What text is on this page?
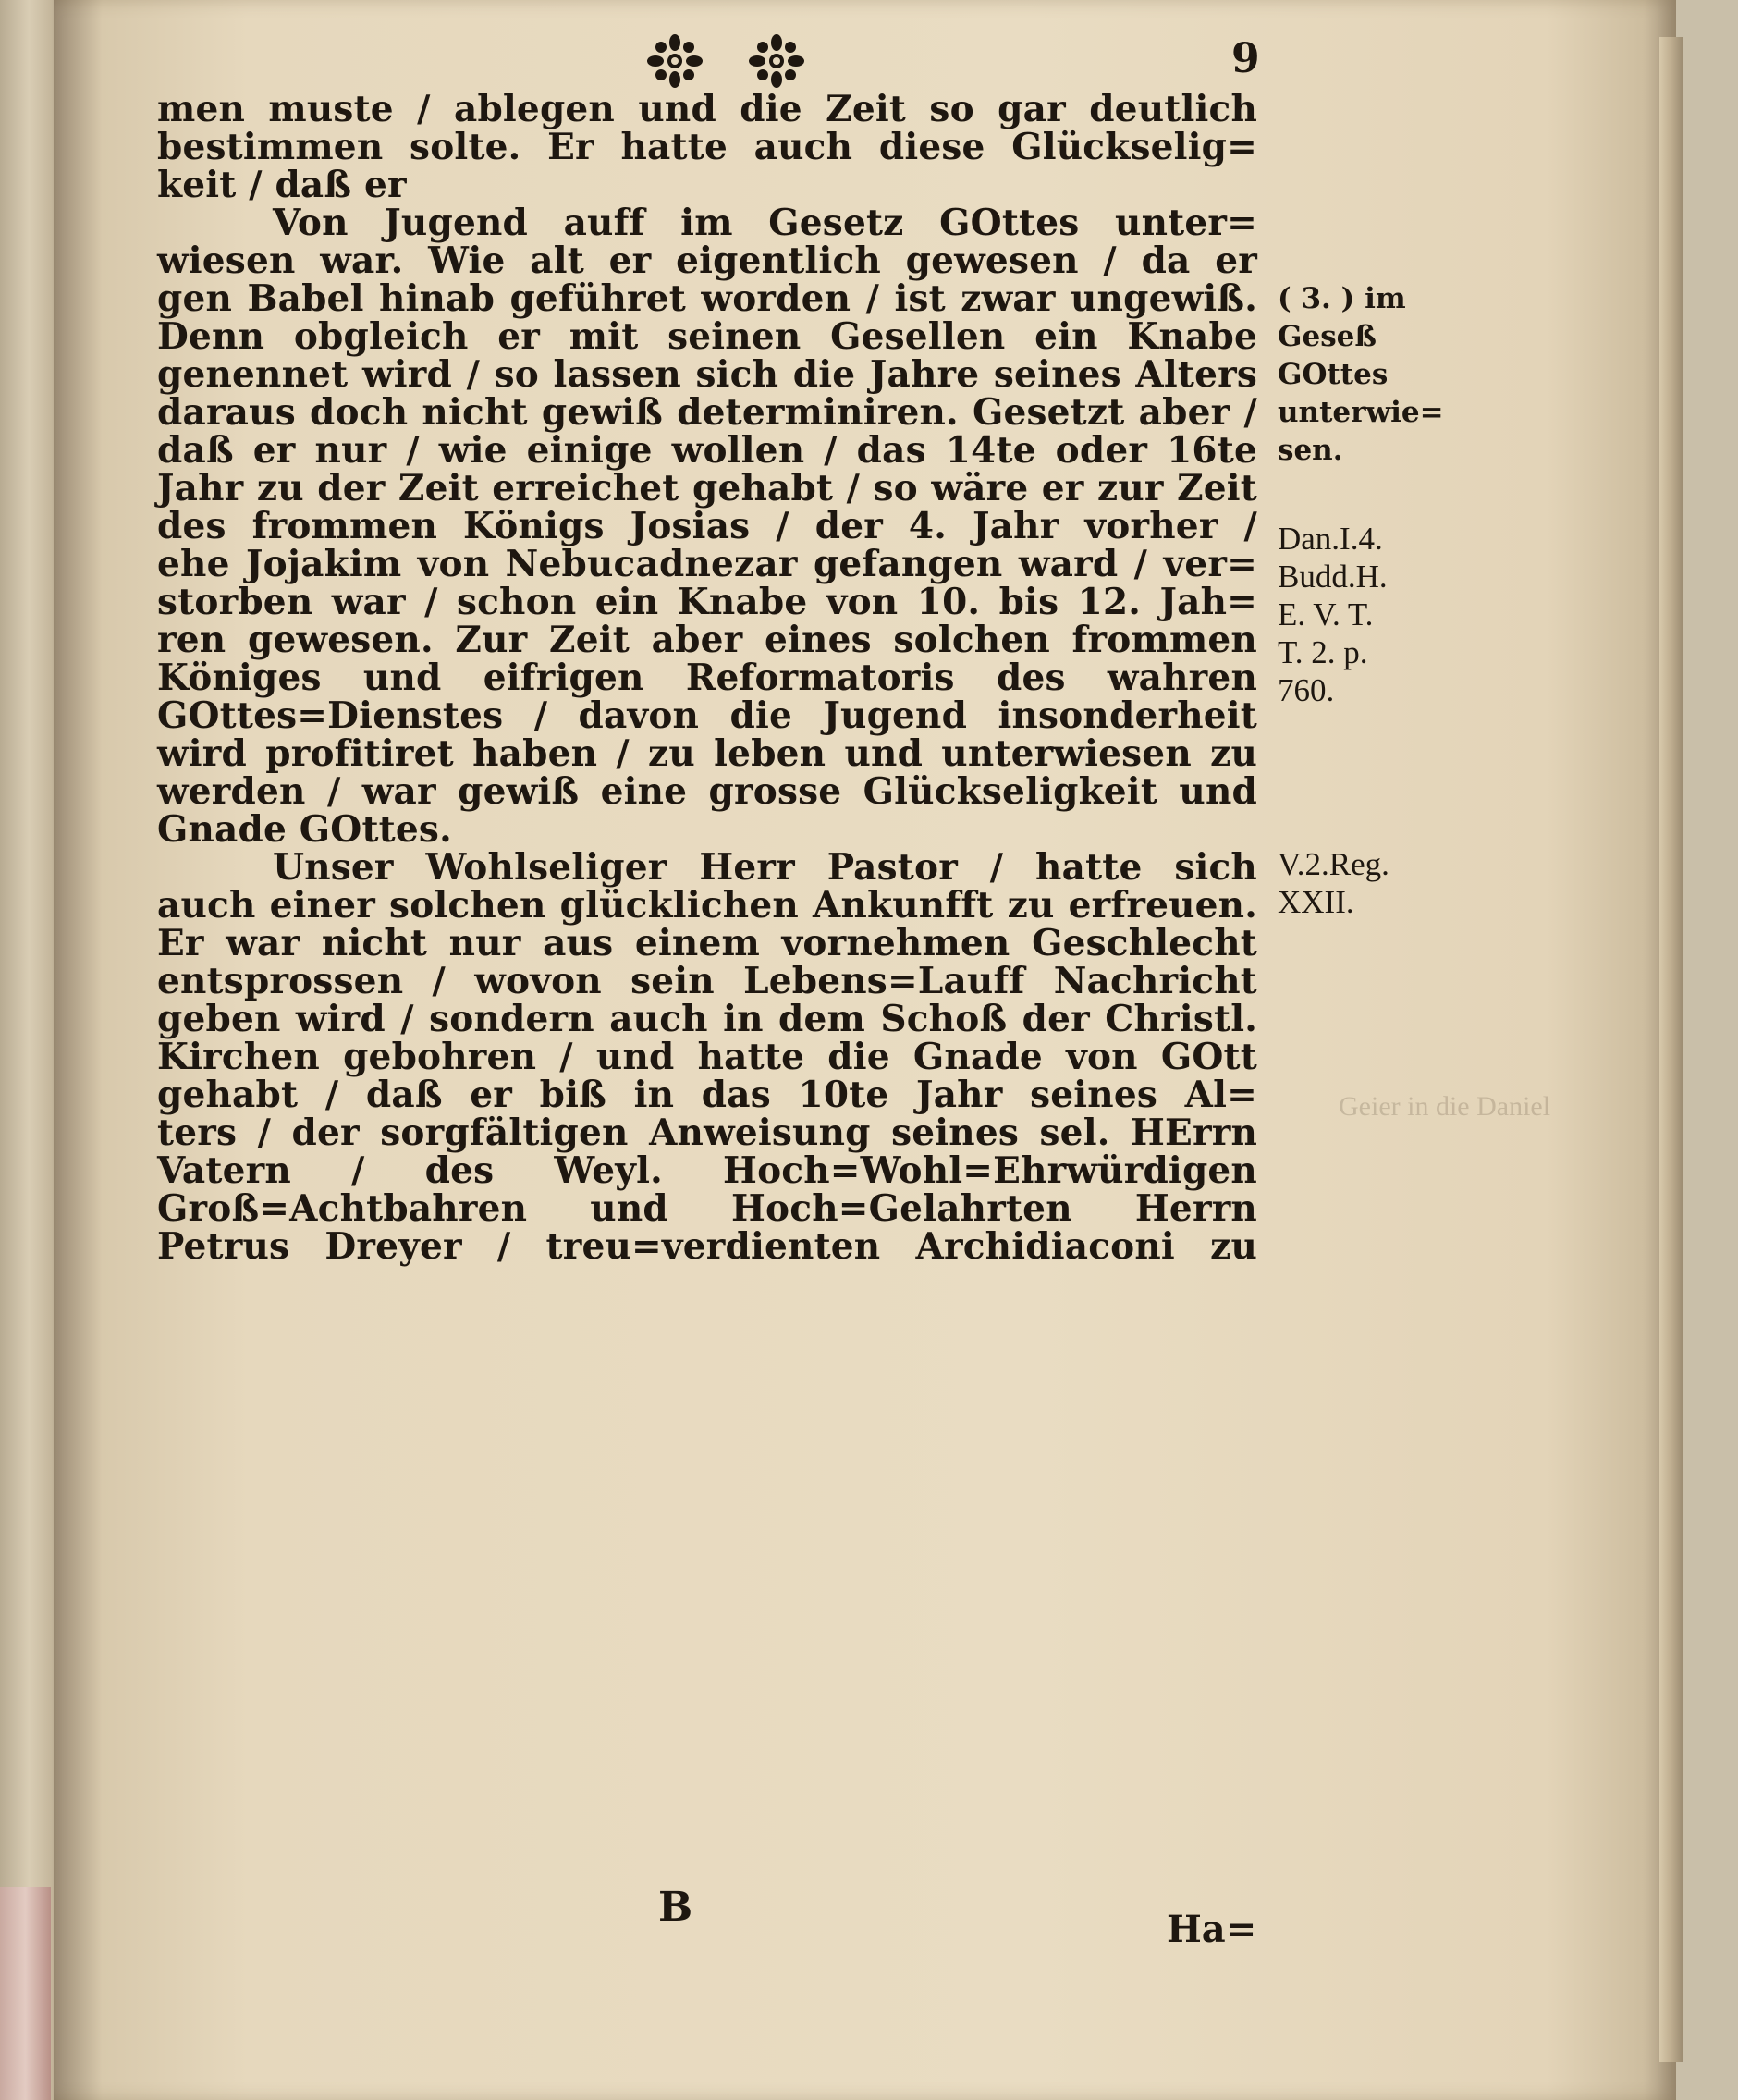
Geier in die Daniel
9
men muste / ablegen und die Zeit so gar deutlich
bestimmen solte. Er hatte auch diese Glückselig=
keit / daß er
Von Jugend auff im Gesetz GOttes unter=
wiesen war. Wie alt er eigentlich gewesen / da er
gen Babel hinab geführet worden / ist zwar ungewiß.
Denn obgleich er mit seinen Gesellen ein Knabe
genennet wird / so lassen sich die Jahre seines Alters
daraus doch nicht gewiß determiniren. Gesetzt aber /
daß er nur / wie einige wollen / das 14te oder 16te
Jahr zu der Zeit erreichet gehabt / so wäre er zur Zeit
des frommen Königs Josias / der 4. Jahr vorher /
ehe Jojakim von Nebucadnezar gefangen ward / ver=
storben war / schon ein Knabe von 10. bis 12. Jah=
ren gewesen. Zur Zeit aber eines solchen frommen
Königes und eifrigen Reformatoris des wahren
GOttes=Dienstes / davon die Jugend insonderheit
wird profitiret haben / zu leben und unterwiesen zu
werden / war gewiß eine grosse Glückseligkeit und
Gnade GOttes.
Unser Wohlseliger Herr Pastor / hatte sich
auch einer solchen glücklichen Ankunfft zu erfreuen.
Er war nicht nur aus einem vornehmen Geschlecht
entsprossen / wovon sein Lebens=Lauff Nachricht
geben wird / sondern auch in dem Schoß der Christl.
Kirchen gebohren / und hatte die Gnade von GOtt
gehabt / daß er biß in das 10te Jahr seines Al=
ters / der sorgfältigen Anweisung seines sel. HErrn
Vatern / des Weyl. Hoch=Wohl=Ehrwürdigen
Groß=Achtbahren und Hoch=Gelahrten Herrn
Petrus Dreyer / treu=verdienten Archidiaconi zu
( 3. ) im
Geseß
GOttes
unterwie=
sen.
Dan.I.4.
Budd.H.
E. V. T.
T. 2. p.
760.
V.2.Reg.
XXII.
B	Ha=
